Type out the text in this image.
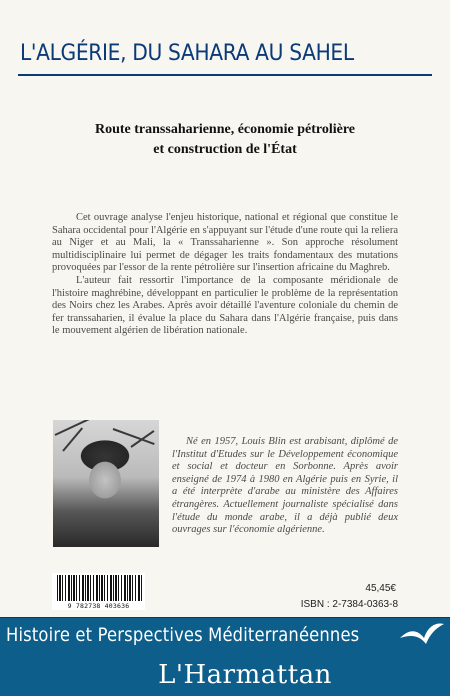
L'ALGÉRIE, DU SAHARA AU SAHEL
Route transsaharienne, économie pétrolière
et construction de l'État

Cet ouvrage analyse l'enjeu historique, national et régional que constitue le Sahara occidental pour l'Algérie en s'appuyant sur l'étude d'une route qui la reliera au Niger et au Mali, la « Transsaharienne ». Son approche résolument multidisciplinaire lui permet de dégager les traits fondamentaux des mutations provoquées par l'essor de la rente pétrolière sur l'insertion africaine du Maghreb.

L'auteur fait ressortir l'importance de la composante méridionale de l'histoire maghrébine, développant en particulier le problème de la représentation des Noirs chez les Arabes. Après avoir détaillé l'aventure coloniale du chemin de fer transsaharien, il évalue la place du Sahara dans l'Algérie française, puis dans le mouvement algérien de libération nationale.

Né en 1957, Louis Blin est arabisant, diplômé de l'Institut d'Etudes sur le Développement économique et social et docteur en Sorbonne. Après avoir enseigné de 1974 à 1980 en Algérie puis en Syrie, il a été interprète d'arabe au ministère des Affaires étrangères. Actuellement journaliste spécialisé dans l'étude du monde arabe, il a déjà publié deux ouvrages sur l'économie algérienne.
9 782738 403636
45,45€
ISBN : 2-7384-0363-8
Histoire et Perspectives Méditerranéennes
L'Harmattan
